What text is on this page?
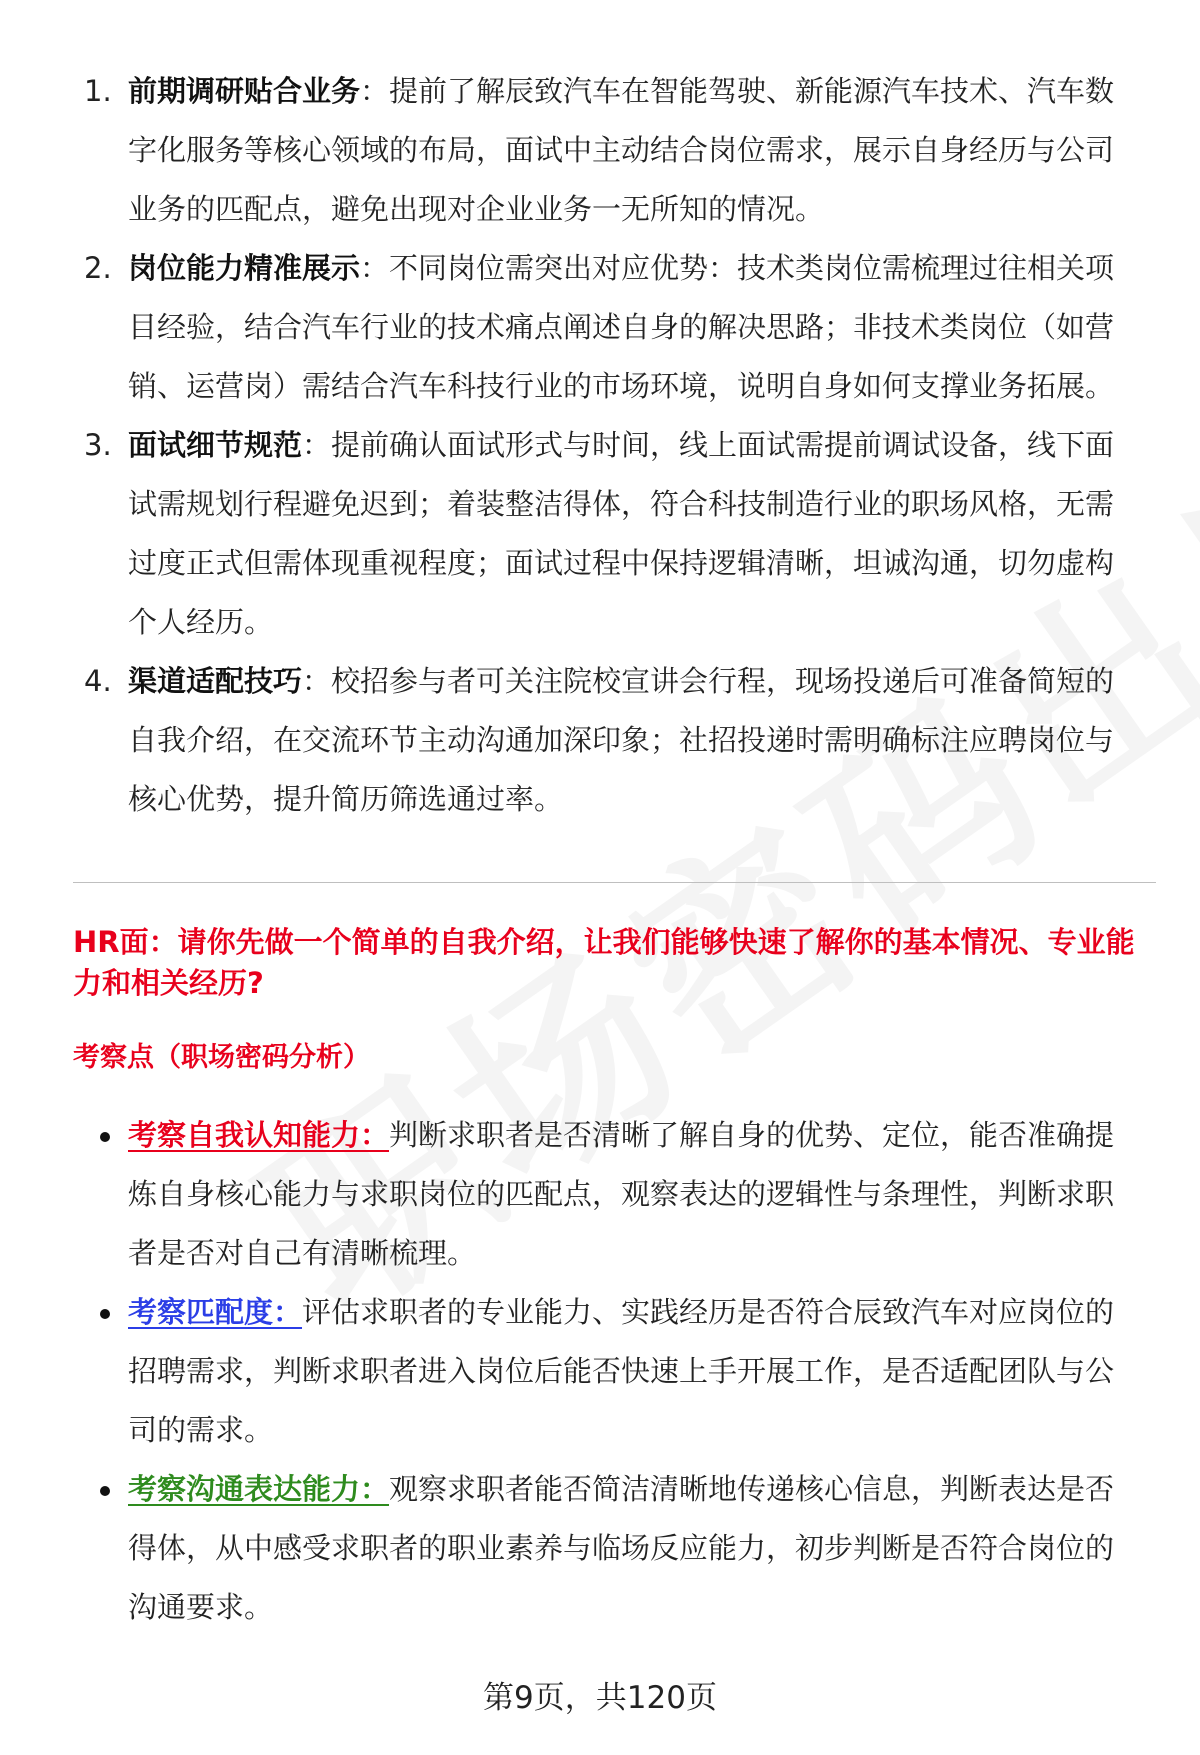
1. 前期调研贴合业务：提前了解辰致汽车在智能驾驶、新能源汽车技术、汽车数字化服务等核心领域的布局，面试中主动结合岗位需求，展示自身经历与公司业务的匹配点，避免出现对企业业务一无所知的情况。
2. 岗位能力精准展示：不同岗位需突出对应优势：技术类岗位需梳理过往相关项目经验，结合汽车行业的技术痛点阐述自身的解决思路；非技术类岗位（如营销、运营岗）需结合汽车科技行业的市场环境，说明自身如何支撑业务拓展。
3. 面试细节规范：提前确认面试形式与时间，线上面试需提前调试设备，线下面试需规划行程避免迟到；着装整洁得体，符合科技制造行业的职场风格，无需过度正式但需体现重视程度；面试过程中保持逻辑清晰，坦诚沟通，切勿虚构个人经历。
4. 渠道适配技巧：校招参与者可关注院校宣讲会行程，现场投递后可准备简短的自我介绍，在交流环节主动沟通加深印象；社招投递时需明确标注应聘岗位与核心优势，提升简历筛选通过率。
HR面：请你先做一个简单的自我介绍，让我们能够快速了解你的基本情况、专业能力和相关经历?
考察点（职场密码分析）
考察自我认知能力：判断求职者是否清晰了解自身的优势、定位，能否准确提炼自身核心能力与求职岗位的匹配点，观察表达的逻辑性与条理性，判断求职者是否对自己有清晰梳理。
考察匹配度：评估求职者的专业能力、实践经历是否符合辰致汽车对应岗位的招聘需求，判断求职者进入岗位后能否快速上手开展工作，是否适配团队与公司的需求。
考察沟通表达能力：观察求职者能否简洁清晰地传递核心信息，判断表达是否得体，从中感受求职者的职业素养与临场反应能力，初步判断是否符合岗位的沟通要求。
第9页，共120页
